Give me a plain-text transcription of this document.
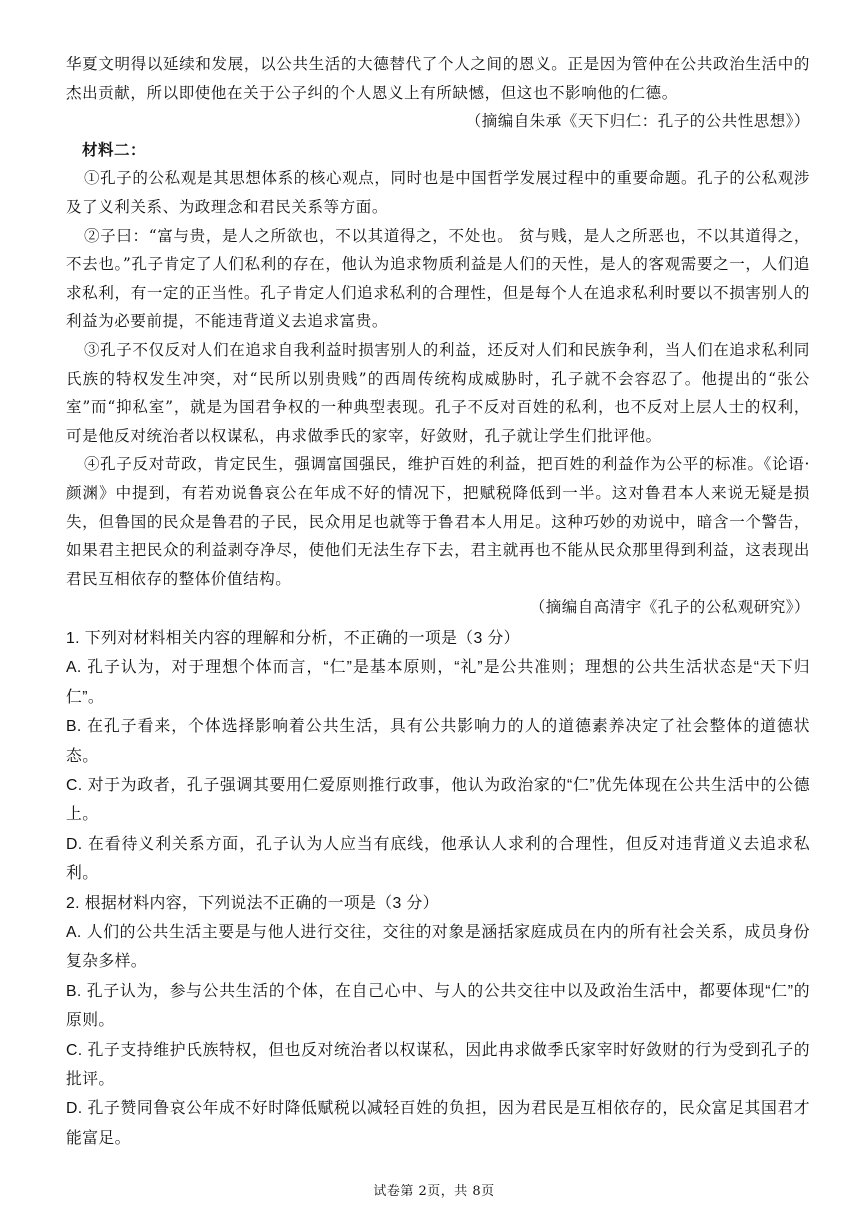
华夏文明得以延续和发展，以公共生活的大德替代了个人之间的恩义。正是因为管仲在公共政治生活中的杰出贡献，所以即使他在关于公子纠的个人恩义上有所缺憾，但这也不影响他的仁德。

（摘编自朱承《天下归仁：孔子的公共性思想》）

材料二：

①孔子的公私观是其思想体系的核心观点，同时也是中国哲学发展过程中的重要命题。孔子的公私观涉及了义利关系、为政理念和君民关系等方面。

②子曰：“富与贵，是人之所欲也，不以其道得之，不处也。 贫与贱，是人之所恶也，不以其道得之，不去也。”孔子肯定了人们私利的存在，他认为追求物质利益是人们的天性，是人的客观需要之一，人们追求私利，有一定的正当性。孔子肯定人们追求私利的合理性，但是每个人在追求私利时要以不损害别人的利益为必要前提，不能违背道义去追求富贵。

③孔子不仅反对人们在追求自我利益时损害别人的利益，还反对人们和民族争利，当人们在追求私利同氏族的特权发生冲突，对“民所以别贵贱”的西周传统构成威胁时，孔子就不会容忍了。他提出的“张公室”而“抑私室”，就是为国君争权的一种典型表现。孔子不反对百姓的私利，也不反对上层人士的权利，可是他反对统治者以权谋私，冉求做季氏的家宰，好敛财，孔子就让学生们批评他。

④孔子反对苛政，肯定民生，强调富国强民，维护百姓的利益，把百姓的利益作为公平的标准。《论语·颜渊》中提到，有若劝说鲁哀公在年成不好的情况下，把赋税降低到一半。这对鲁君本人来说无疑是损失，但鲁国的民众是鲁君的子民，民众用足也就等于鲁君本人用足。这种巧妙的劝说中，暗含一个警告，如果君主把民众的利益剥夺净尽，使他们无法生存下去，君主就再也不能从民众那里得到利益，这表现出君民互相依存的整体价值结构。

（摘编自高清宇《孔子的公私观研究》）

1. 下列对材料相关内容的理解和分析，不正确的一项是（3 分）

A. 孔子认为，对于理想个体而言，“仁”是基本原则，“礼”是公共准则；理想的公共生活状态是“天下归仁”。

B. 在孔子看来，个体选择影响着公共生活，具有公共影响力的人的道德素养决定了社会整体的道德状态。

C. 对于为政者，孔子强调其要用仁爱原则推行政事，他认为政治家的“仁”优先体现在公共生活中的公德上。

D. 在看待义利关系方面，孔子认为人应当有底线，他承认人求利的合理性，但反对违背道义去追求私利。

2. 根据材料内容，下列说法不正确的一项是（3 分）

A. 人们的公共生活主要是与他人进行交往，交往的对象是涵括家庭成员在内的所有社会关系，成员身份复杂多样。

B. 孔子认为，参与公共生活的个体，在自己心中、与人的公共交往中以及政治生活中，都要体现“仁”的原则。

C. 孔子支持维护氏族特权，但也反对统治者以权谋私，因此冉求做季氏家宰时好敛财的行为受到孔子的批评。

D. 孔子赞同鲁哀公年成不好时降低赋税以减轻百姓的负担，因为君民是互相依存的，民众富足其国君才能富足。

试卷第 2页，共 8页
